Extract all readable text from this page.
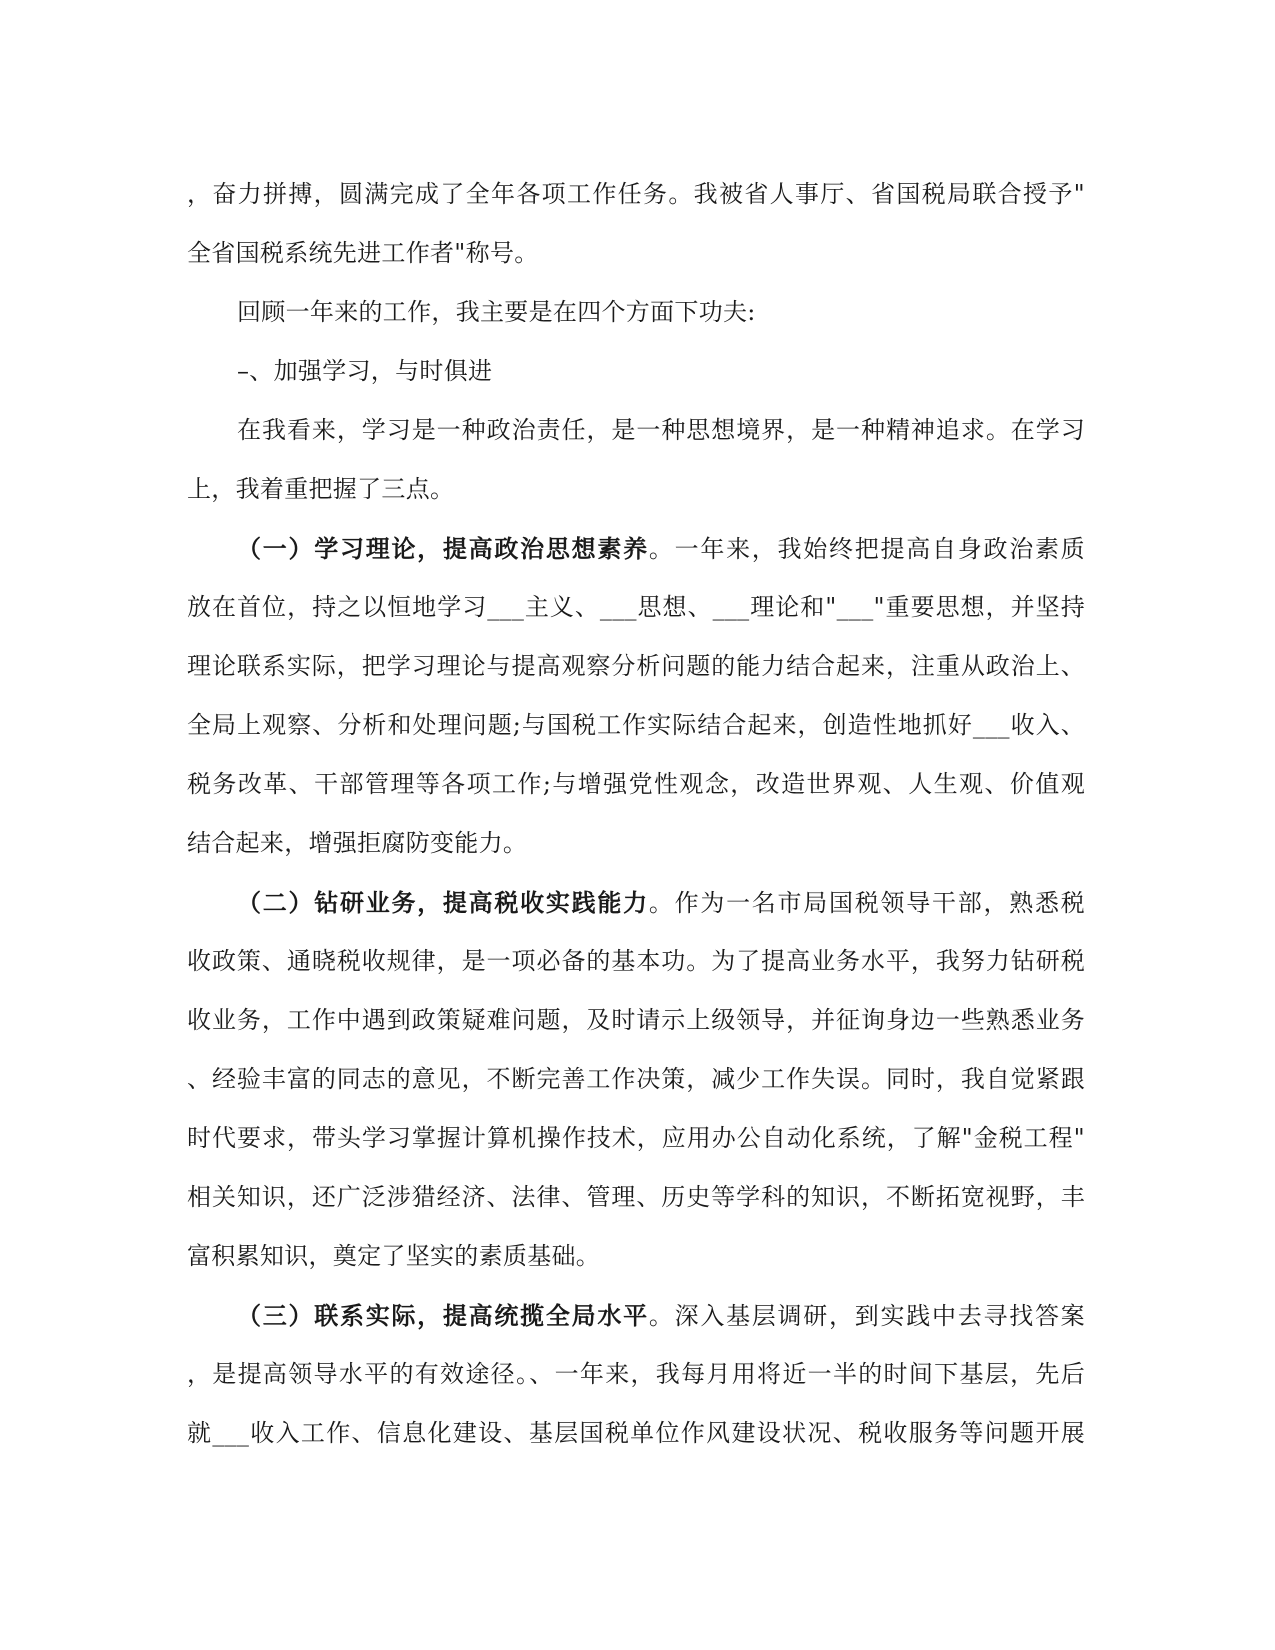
，奋力拼搏，圆满完成了全年各项工作任务。我被省人事厅、省国税局联合授予"
全省国税系统先进工作者"称号。
回顾一年来的工作，我主要是在四个方面下功夫:
–、加强学习，与时俱进
在我看来，学习是一种政治责任，是一种思想境界，是一种精神追求。在学习
上，我着重把握了三点。
（一）学习理论，提高政治思想素养。一年来，我始终把提高自身政治素质
放在首位，持之以恒地学习___主义、___思想、___理论和"___"重要思想，并坚持
理论联系实际，把学习理论与提高观察分析问题的能力结合起来，注重从政治上、
全局上观察、分析和处理问题;与国税工作实际结合起来，创造性地抓好___收入、
税务改革、干部管理等各项工作;与增强党性观念，改造世界观、人生观、价值观
结合起来，增强拒腐防变能力。
（二）钻研业务，提高税收实践能力。作为一名市局国税领导干部，熟悉税
收政策、通晓税收规律，是一项必备的基本功。为了提高业务水平，我努力钻研税
收业务，工作中遇到政策疑难问题，及时请示上级领导，并征询身边一些熟悉业务
、经验丰富的同志的意见，不断完善工作决策，减少工作失误。同时，我自觉紧跟
时代要求，带头学习掌握计算机操作技术，应用办公自动化系统，了解"金税工程"
相关知识，还广泛涉猎经济、法律、管理、历史等学科的知识，不断拓宽视野，丰
富积累知识，奠定了坚实的素质基础。
（三）联系实际，提高统揽全局水平。深入基层调研，到实践中去寻找答案
，是提高领导水平的有效途径。、一年来，我每月用将近一半的时间下基层，先后
就___收入工作、信息化建设、基层国税单位作风建设状况、税收服务等问题开展
